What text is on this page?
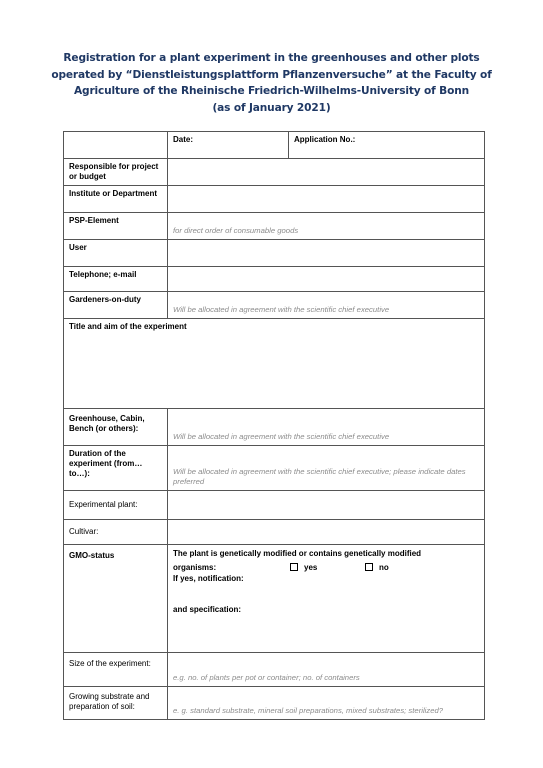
Registration for a plant experiment in the greenhouses and other plots
operated by “Dienstleistungsplattform Pflanzenversuche” at the Faculty of
Agriculture of the Rheinische Friedrich-Wilhelms-University of Bonn
(as of January 2021)

	Date:	Application No.:

Responsible for project or budget		

Institute or Department		

PSP-Element	for direct order of consumable goods	

User		

Telephone; e-mail		

Gardeners-on-duty	Will be allocated in agreement with the scientific chief executive	

Title and aim of the experiment		

Greenhouse, Cabin, Bench (or others):	Will be allocated in agreement with the scientific chief executive	

Duration of the experiment (from…to…):	Will be allocated in agreement with the scientific chief executive; please indicate dates preferred	

Experimental plant:		

Cultivar:		

GMO-status	The plant is genetically modified or contains genetically modified
organisms: yes no
If yes, notification:
and specification:	

Size of the experiment:	e.g. no. of plants per pot or container; no. of containers	

Growing substrate and preparation of soil:	e. g. standard substrate, mineral soil preparations, mixed substrates; sterilized?	
